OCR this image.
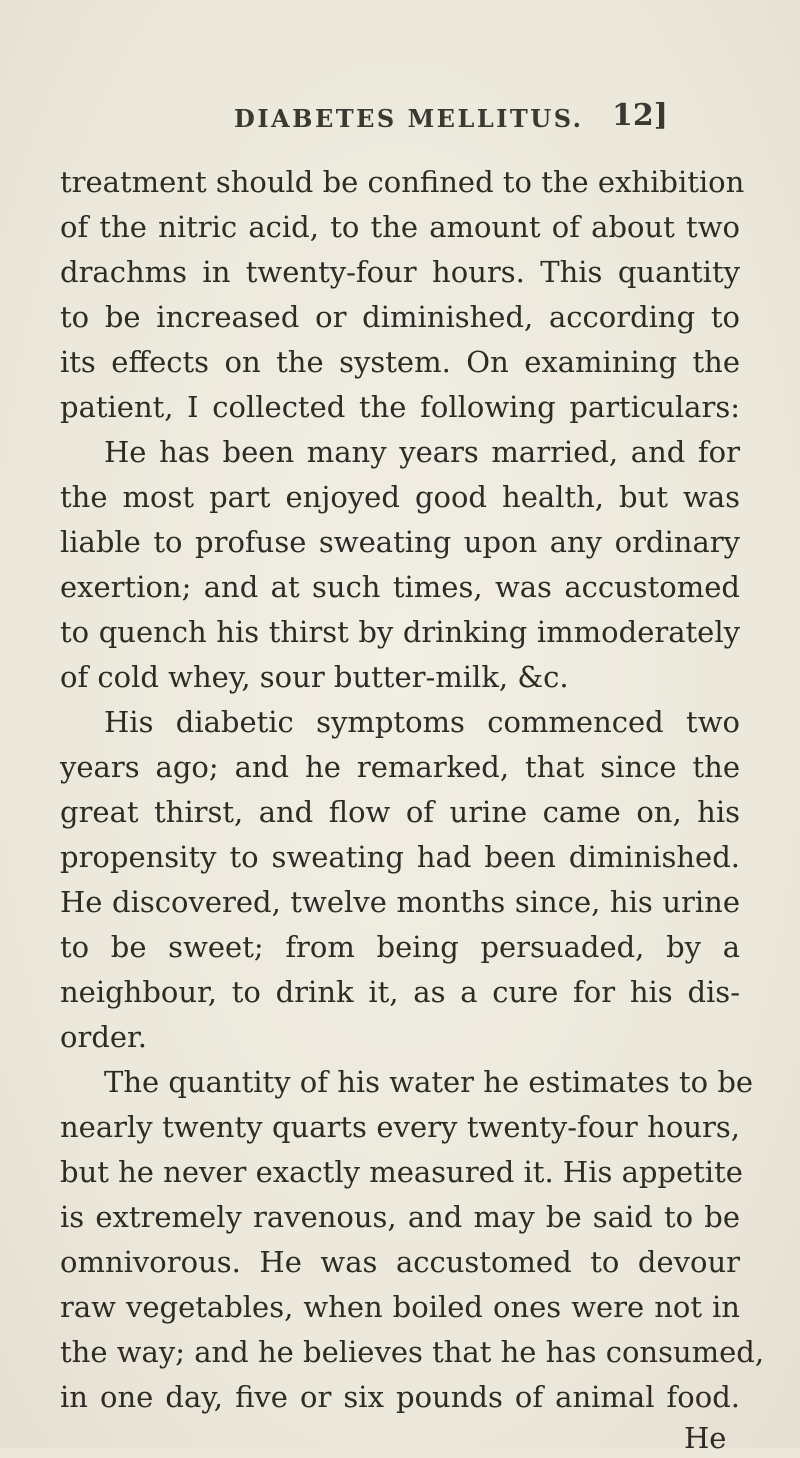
DIABETES MELLITUS. 12]
treatment should be confined to the exhibition
of the nitric acid, to the amount of about two
drachms in twenty-four hours. This quantity
to be increased or diminished, according to
its effects on the system. On examining the
patient, I collected the following particulars:
He has been many years married, and for
the most part enjoyed good health, but was
liable to profuse sweating upon any ordinary
exertion; and at such times, was accustomed
to quench his thirst by drinking immoderately
of cold whey, sour butter-milk, &c.
His diabetic symptoms commenced two
years ago; and he remarked, that since the
great thirst, and flow of urine came on, his
propensity to sweating had been diminished.
He discovered, twelve months since, his urine
to be sweet; from being persuaded, by a
neighbour, to drink it, as a cure for his dis-
order.
The quantity of his water he estimates to be
nearly twenty quarts every twenty-four hours,
but he never exactly measured it. His appetite
is extremely ravenous, and may be said to be
omnivorous. He was accustomed to devour
raw vegetables, when boiled ones were not in
the way; and he believes that he has consumed,
in one day, five or six pounds of animal food.
He
